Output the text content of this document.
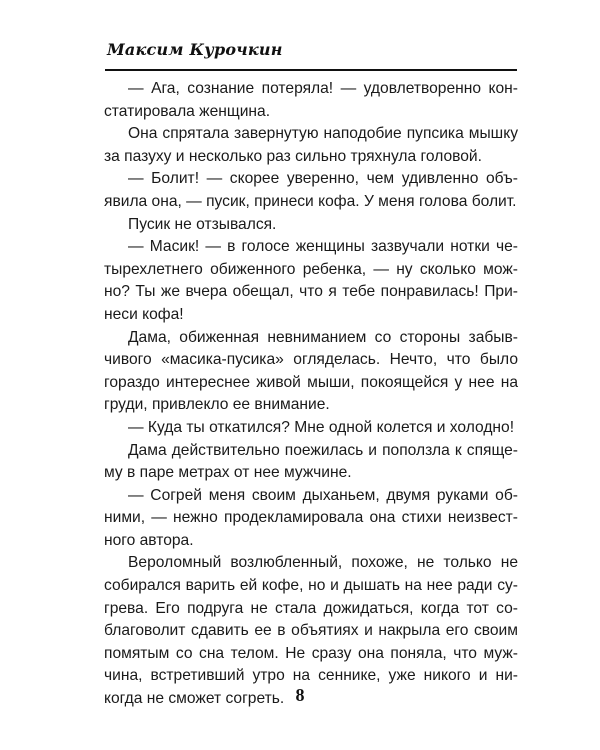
Максим Курочкин

— Ага, сознание потеряла! — удовлетворенно констатировала женщина.

Она спрятала завернутую наподобие пупсика мышку за пазуху и несколько раз сильно тряхнула головой.

— Болит! — скорее уверенно, чем удивленно объявила она, — пусик, принеси кофа. У меня голова болит.

Пусик не отзывался.

— Масик! — в голосе женщины зазвучали нотки четырехлетнего обиженного ребенка, — ну сколько можно? Ты же вчера обещал, что я тебе понравилась! Принеси кофа!

Дама, обиженная невниманием со стороны забывчивого «масика-пусика» огляделась. Нечто, что было гораздо интереснее живой мыши, покоящейся у нее на груди, привлекло ее внимание.

— Куда ты откатился? Мне одной колется и холодно!

Дама действительно поежилась и поползла к спящему в паре метрах от нее мужчине.

— Согрей меня своим дыханьем, двумя руками обними, — нежно продекламировала она стихи неизвестного автора.

Вероломный возлюбленный, похоже, не только не собирался варить ей кофе, но и дышать на нее ради сугрева. Его подруга не стала дожидаться, когда тот соблаговолит сдавить ее в объятиях и накрыла его своим помятым со сна телом. Не сразу она поняла, что мужчина, встретивший утро на сеннике, уже никого и никогда не сможет согреть. 8
